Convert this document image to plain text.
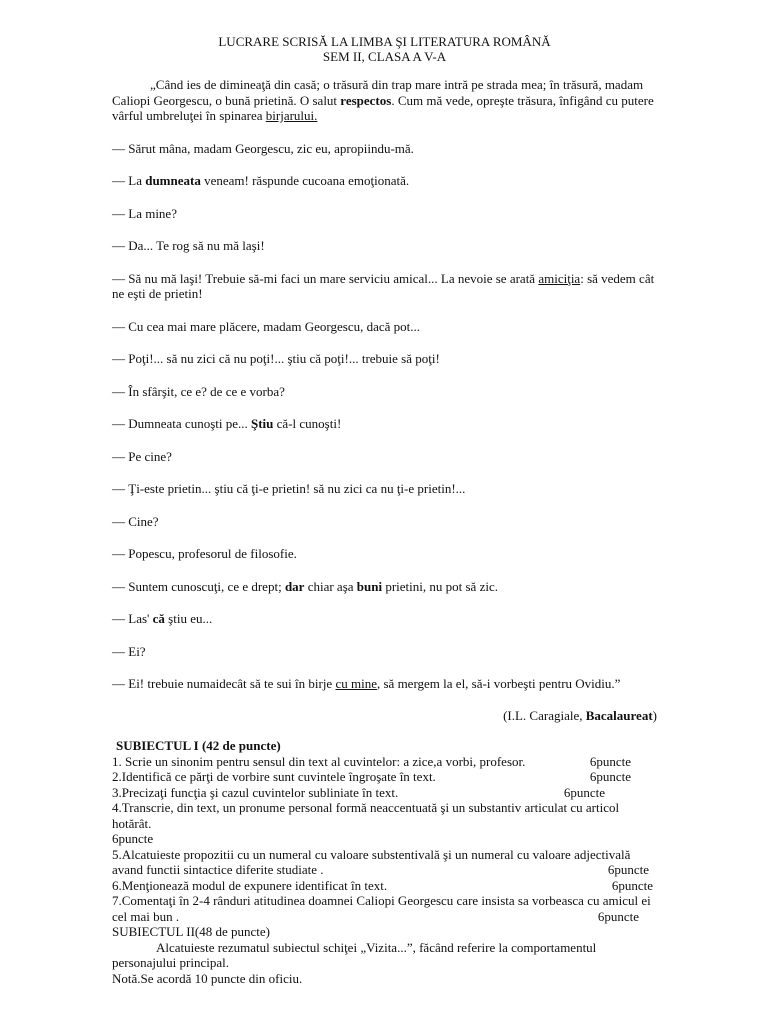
LUCRARE SCRISĂ LA LIMBA ŞI LITERATURA ROMÂNĂ
SEM II, CLASA A V-A
„Când ies de dimineaţă din casă; o trăsură din trap mare intră pe strada mea; în trăsură, madam Caliopi Georgescu, o bună prietină. O salut respectos. Cum mă vede, opreşte trăsura, înfigând cu putere vârful umbreluţei în spinarea birjarului.

— Sărut mâna, madam Georgescu, zic eu, apropiindu-mă.

— La dumneata veneam! răspunde cucoana emoţionată.

— La mine?

— Da... Te rog să nu mă laşi!

— Să nu mă laşi! Trebuie să-mi faci un mare serviciu amical... La nevoie se arată amiciţia: să vedem cât ne eşti de prietin!

— Cu cea mai mare plăcere, madam Georgescu, dacă pot...

— Poţi!... să nu zici că nu poţi!... ştiu că poţi!... trebuie să poţi!

— În sfârşit, ce e? de ce e vorba?

— Dumneata cunoşti pe... Ştiu că-l cunoşti!

— Pe cine?

— Ţi-este prietin... ştiu că ţi-e prietin! să nu zici ca nu ţi-e prietin!...

— Cine?

— Popescu, profesorul de filosofie.

— Suntem cunoscuţi, ce e drept; dar chiar aşa buni prietini, nu pot să zic.

— Las' că ştiu eu...

— Ei?

— Ei! trebuie numaidecât să te sui în birje cu mine, să mergem la el, să-i vorbeşti pentru Ovidiu.”

(I.L. Caragiale, Bacalaureat)
SUBIECTUL I (42 de puncte)
1. Scrie un sinonim pentru sensul din text al cuvintelor: a zice,a vorbi, profesor.	6puncte
2.Identifică ce părţi de vorbire sunt cuvintele îngroşate în text.	6puncte
3.Precizaţi funcţia şi cazul cuvintelor subliniate în text.	6puncte
4.Transcrie, din text, un pronume personal formă neaccentuată şi un substantiv articulat cu articol hotărât.
6puncte
5.Alcatuieste propozitii cu un numeral cu valoare substentivală şi un numeral cu valoare adjectivală avand functii sintactice diferite studiate .	6puncte
6.Menţionează modul de expunere identificat în text.	6puncte
7.Comentaţi în 2-4 rânduri atitudinea doamnei Caliopi Georgescu care insista sa vorbeasca cu amicul ei cel mai bun .	6puncte
SUBIECTUL II(48 de puncte)
Alcatuieste rezumatul subiectul schiţei „Vizita...”, făcând referire la comportamentul personajului principal.
Notă.Se acordă 10 puncte din oficiu.
